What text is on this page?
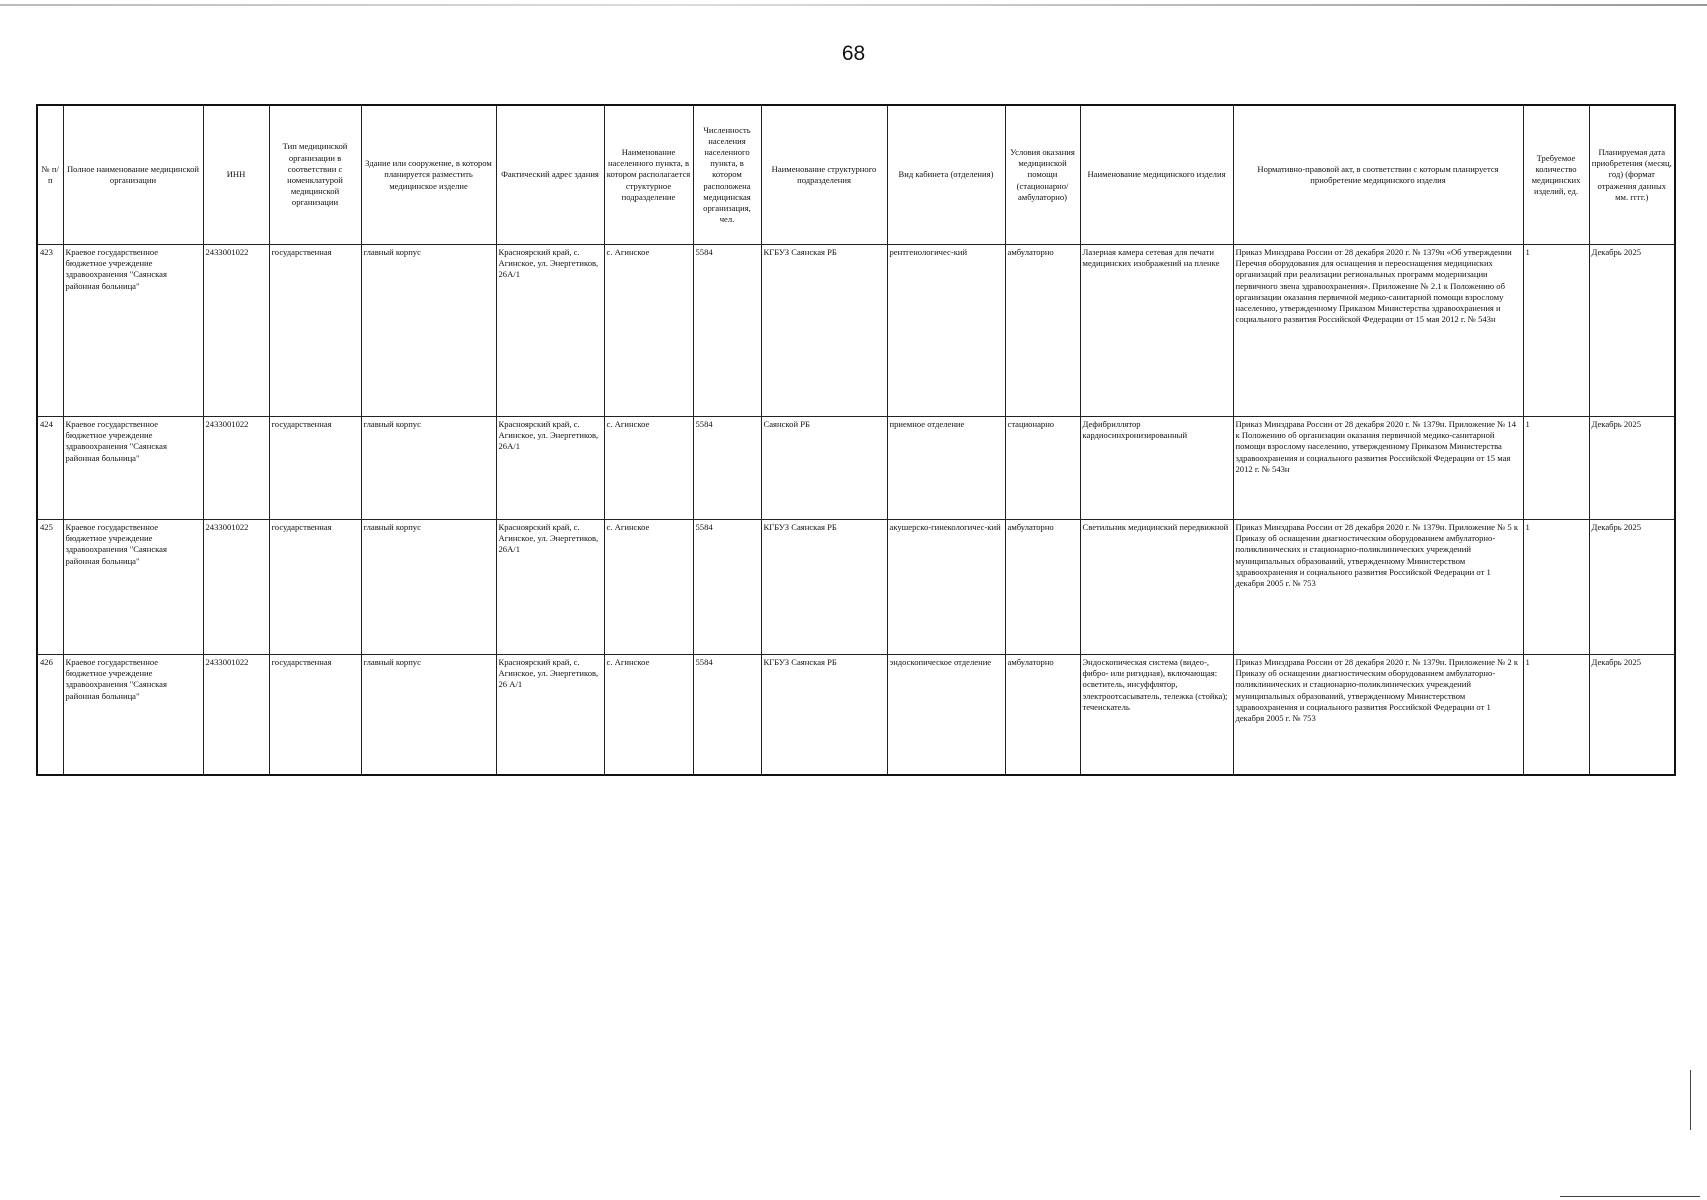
68
№ п/п	Полное наименование медицинской организации	ИНН	Тип медицинской организации в соответствии с номенклатурой медицинской организации	Здание или сооружение, в котором планируется разместить медицинское изделие	Фактический адрес здания	Наименование населенного пункта, в котором располагается структурное подразделение	Численность населения населенного пункта, в котором расположена медицинская организация, чел.	Наименование структурного подразделения	Вид кабинета (отделения)	Условия оказания медицинской помощи (стационарно/ амбулаторно)	Наименование медицинского изделия	Нормативно-правовой акт, в соответствии с которым планируется приобретение медицинского изделия	Требуемое количество медицинских изделий, ед.	Планируемая дата приобретения (месяц, год) (формат отражения данных мм. гггг.)
423	Краевое государственное бюджетное учреждение здравоохранения "Саянская районная больница"	2433001022	государственная	главный корпус	Красноярский край, с. Агинское, ул. Энергетиков, 26А/1	с. Агинское	5584	КГБУЗ Саянская РБ	рентгенологичес-кий	амбулаторно	Лазерная камера сетевая для печати медицинских изображений на пленке	Приказ Минздрава России от 28 декабря 2020 г. № 1379н «Об утверждении Перечня оборудования для оснащения и переоснащения медицинских организаций при реализации региональных программ модернизации первичного звена здравоохранения». Приложение № 2.1 к Положению об организации оказания первичной медико-санитарной помощи взрослому населению, утвержденному Приказом Министерства здравоохранения и социального развития Российской Федерации от 15 мая 2012 г. № 543н	1	Декабрь 2025
424	Краевое государственное бюджетное учреждение здравоохранения "Саянская районная больница"	2433001022	государственная	главный корпус	Красноярский край, с. Агинское, ул. Энергетиков, 26А/1	с. Агинское	5584	Саянской РБ	приемное отделение	стационарно	Дефибриллятор кардиосинхронизированный	Приказ Минздрава России от 28 декабря 2020 г. № 1379н. Приложение № 14 к Положению об организации оказания первичной медико-санитарной помощи взрослому населению, утвержденному Приказом Министерства здравоохранения и социального развития Российской Федерации от 15 мая 2012 г. № 543н	1	Декабрь 2025
425	Краевое государственное бюджетное учреждение здравоохранения "Саянская районная больница"	2433001022	государственная	главный корпус	Красноярский край, с. Агинское, ул. Энергетиков, 26А/1	с. Агинское	5584	КГБУЗ Саянская РБ	акушерско-гинекологичес-кий	амбулаторно	Светильник медицинский передвижной	Приказ Минздрава России от 28 декабря 2020 г. № 1379н. Приложение № 5 к Приказу об оснащении диагностическим оборудованием амбулаторно-поликлинических и стационарно-поликлинических учреждений муниципальных образований, утвержденному Министерством здравоохранения и социального развития Российской Федерации от 1 декабря 2005 г. № 753	1	Декабрь 2025
426	Краевое государственное бюджетное учреждение здравоохранения "Саянская районная больница"	2433001022	государственная	главный корпус	Красноярский край, с. Агинское, ул. Энергетиков, 26 А/1	с. Агинское	5584	КГБУЗ Саянская РБ	эндоскопическое отделение	амбулаторно	Эндоскопическая система (видео-, фибро- или ригидная), включающая: осветитель, инсуффлятор, электроотсасыватель, тележка (стойка); течеискатель	Приказ Минздрава России от 28 декабря 2020 г. № 1379н. Приложение № 2 к Приказу об оснащении диагностическим оборудованием амбулаторно-поликлинических и стационарно-поликлинических учреждений муниципальных образований, утвержденному Министерством здравоохранения и социального развития Российской Федерации от 1 декабря 2005 г. № 753	1	Декабрь 2025
